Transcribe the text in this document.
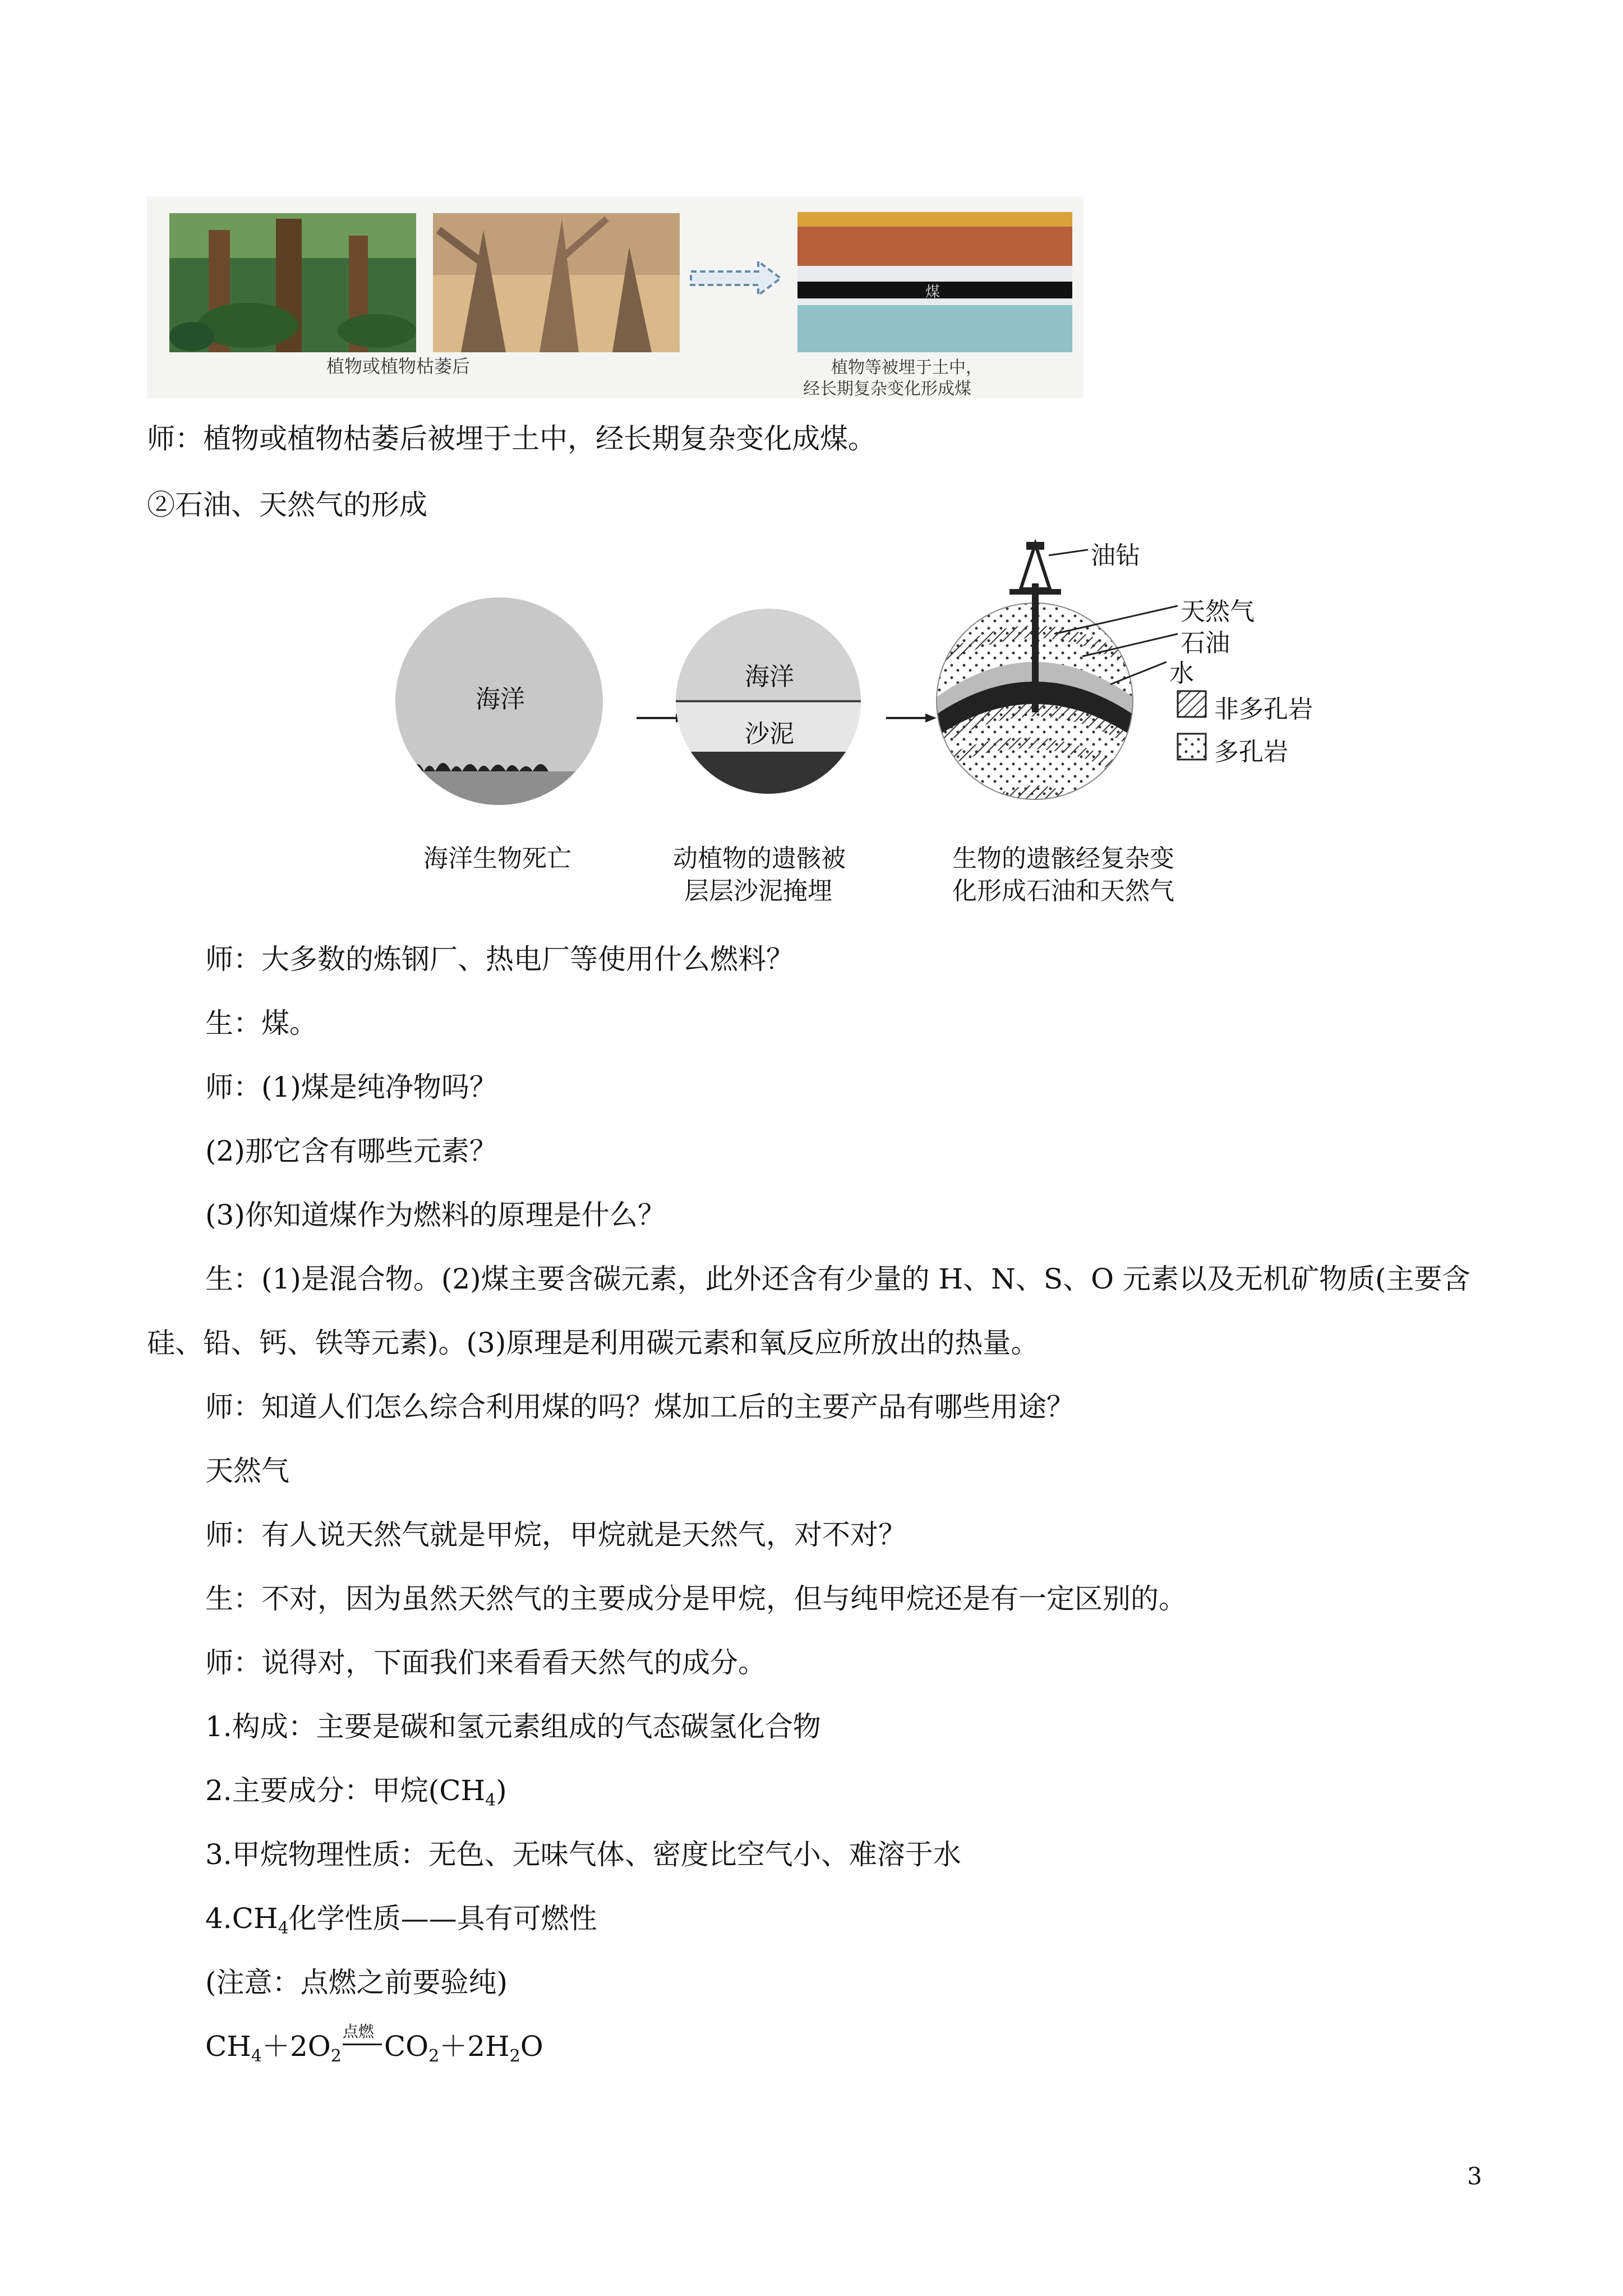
煤
植物或植物枯萎后	植物等被埋于土中，
经长期复杂变化形成煤
师：植物或植物枯萎后被埋于土中，经长期复杂变化成煤。
②石油、天然气的形成
海洋
海洋
沙泥
油钻
天然气
石油
水
非多孔岩
多孔岩
海洋生物死亡	动植物的遗骸被
层层沙泥掩埋
生物的遗骸经复杂变
化形成石油和天然气
师：大多数的炼钢厂、热电厂等使用什么燃料？
生：煤。
师：(1)煤是纯净物吗？
(2)那它含有哪些元素？
(3)你知道煤作为燃料的原理是什么？
生：(1)是混合物。(2)煤主要含碳元素，此外还含有少量的 H、N、S、O 元素以及无机矿物质(主要含
硅、铅、钙、铁等元素)。(3)原理是利用碳元素和氧反应所放出的热量。
师：知道人们怎么综合利用煤的吗？煤加工后的主要产品有哪些用途？
天然气
师：有人说天然气就是甲烷，甲烷就是天然气，对不对？
生：不对，因为虽然天然气的主要成分是甲烷，但与纯甲烷还是有一定区别的。
师：说得对，下面我们来看看天然气的成分。
1.构成：主要是碳和氢元素组成的气态碳氢化合物
2.主要成分：甲烷$(CH_4)$
3.甲烷物理性质：无色、无味气体、密度比空气小、难溶于水
$4.CH_4$化学性质——具有可燃性
(注意：点燃之前要验纯)
$CH_4+2O_2$
点燃 $CO_2+2H_2O$
3
